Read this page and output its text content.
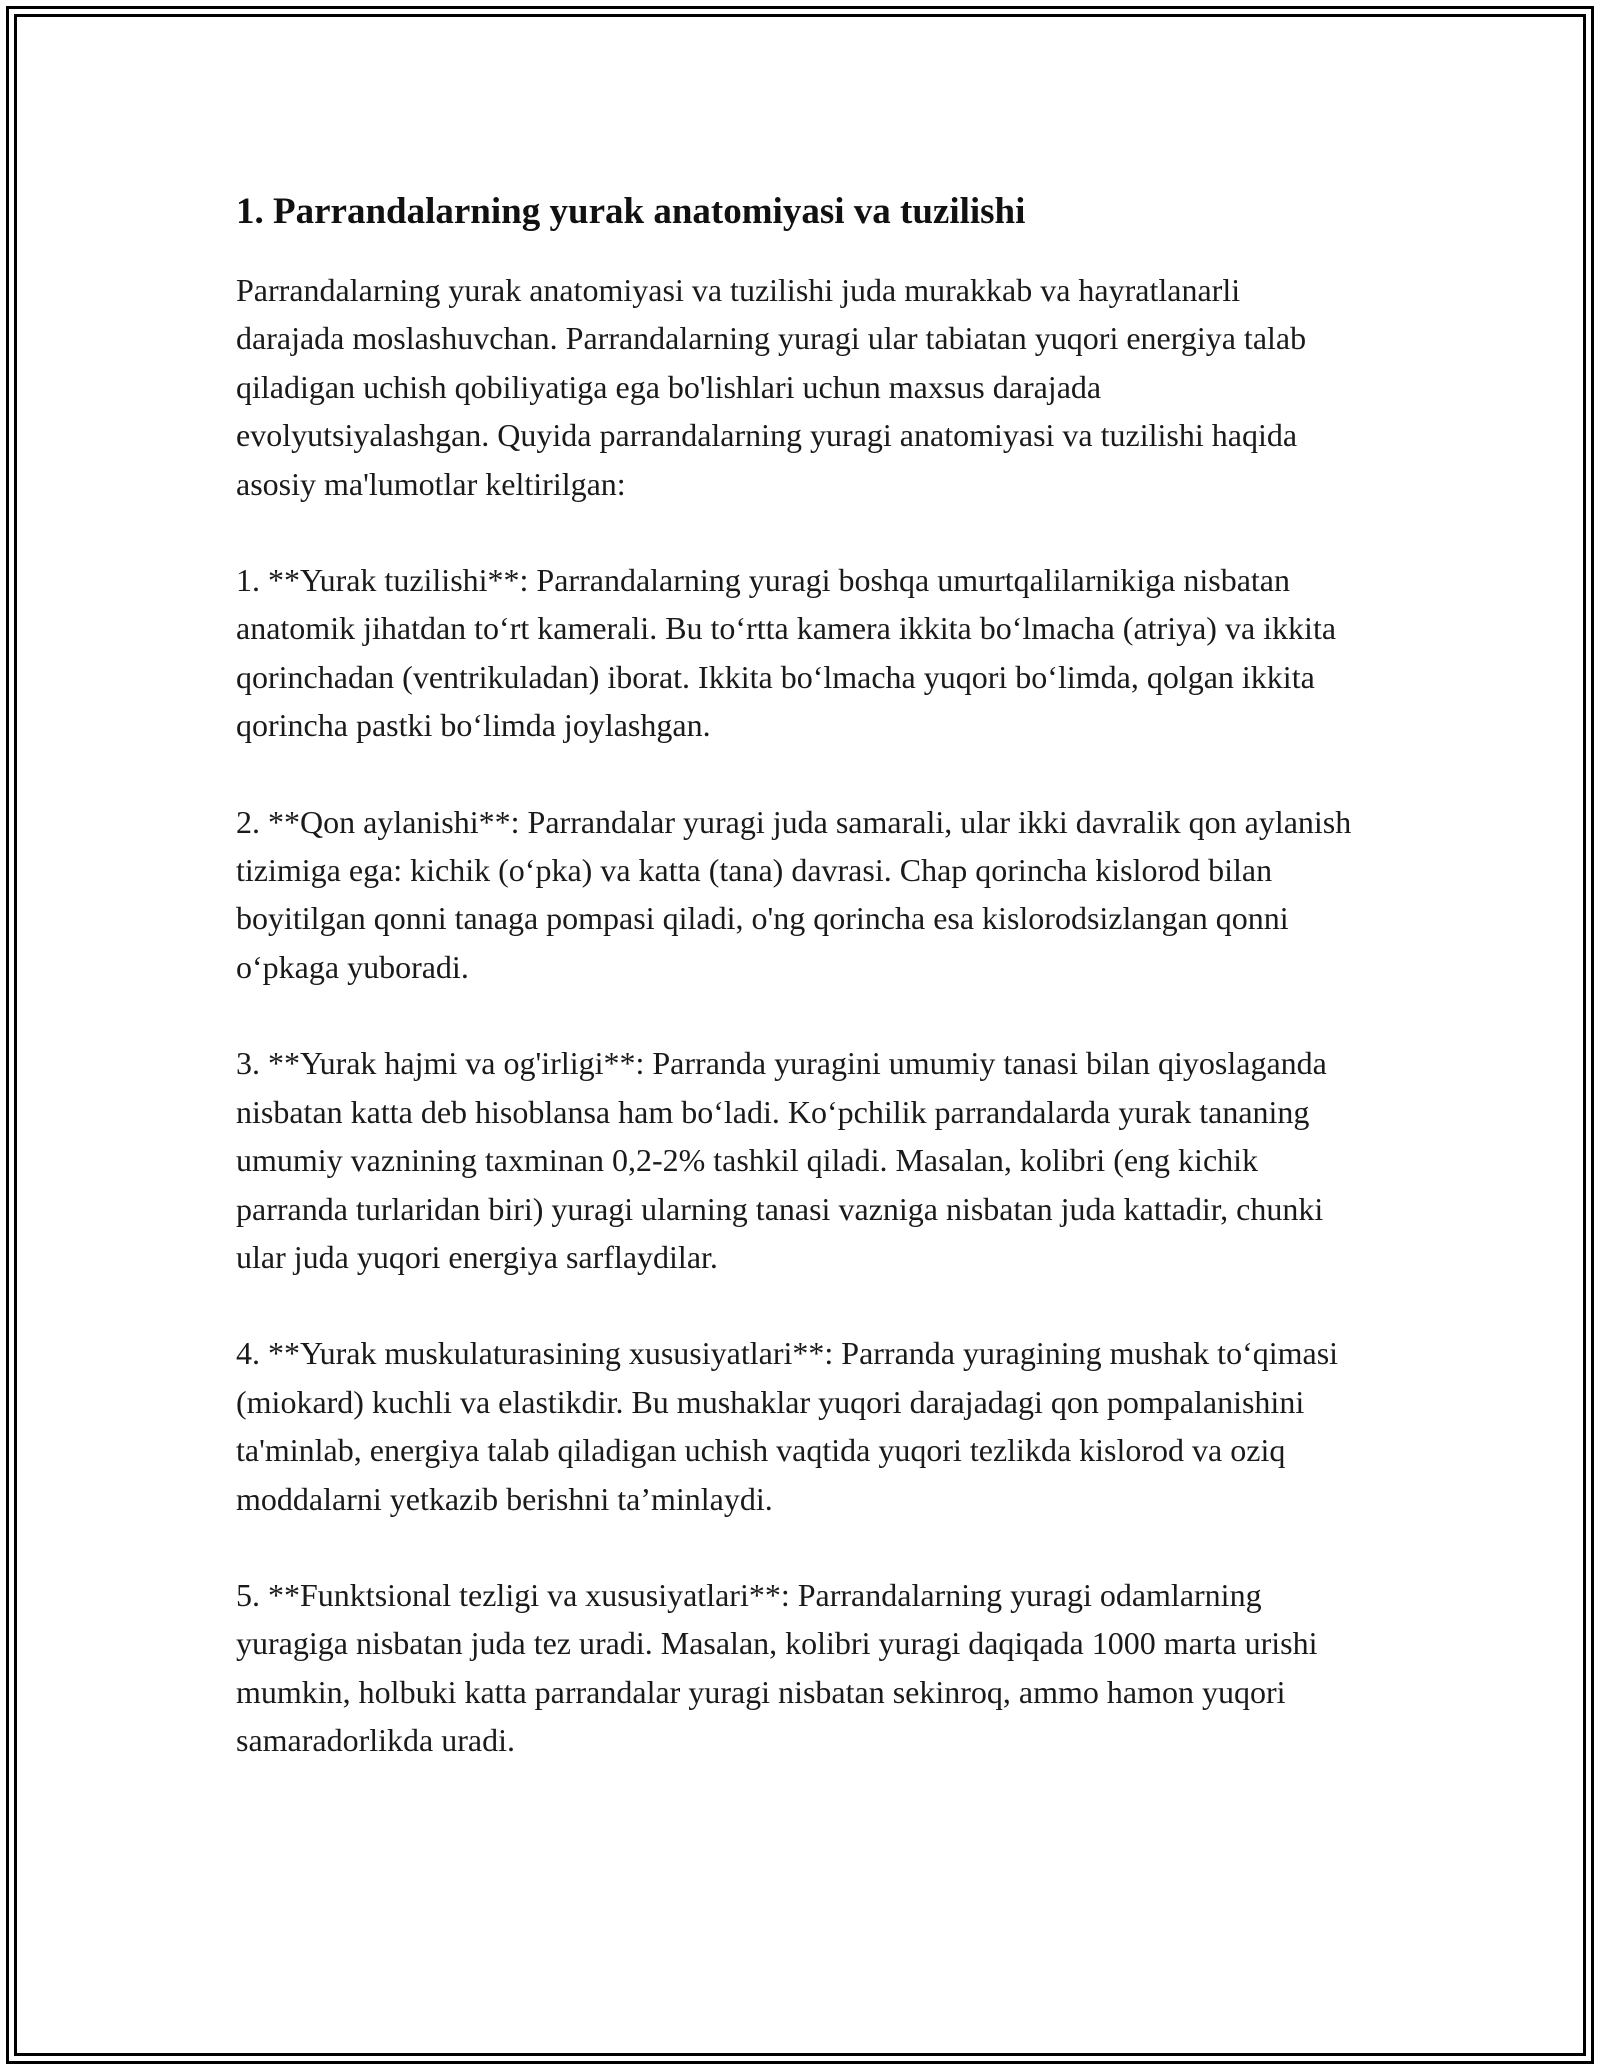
1. Parrandalarning yurak anatomiyasi va tuzilishi

Parrandalarning yurak anatomiyasi va tuzilishi juda murakkab va hayratlanarli darajada moslashuvchan. Parrandalarning yuragi ular tabiatan yuqori energiya talab qiladigan uchish qobiliyatiga ega bo'lishlari uchun maxsus darajada evolyutsiyalashgan. Quyida parrandalarning yuragi anatomiyasi va tuzilishi haqida asosiy ma'lumotlar keltirilgan:

1. **Yurak tuzilishi**: Parrandalarning yuragi boshqa umurtqalilarnikiga nisbatan anatomik jihatdan to‘rt kamerali. Bu to‘rtta kamera ikkita bo‘lmacha (atriya) va ikkita qorinchadan (ventrikuladan) iborat. Ikkita bo‘lmacha yuqori bo‘limda, qolgan ikkita qorincha pastki bo‘limda joylashgan.

2. **Qon aylanishi**: Parrandalar yuragi juda samarali, ular ikki davralik qon aylanish tizimiga ega: kichik (o‘pka) va katta (tana) davrasi. Chap qorincha kislorod bilan boyitilgan qonni tanaga pompasi qiladi, o'ng qorincha esa kislorodsizlangan qonni o‘pkaga yuboradi.

3. **Yurak hajmi va og'irligi**: Parranda yuragini umumiy tanasi bilan qiyoslaganda nisbatan katta deb hisoblansa ham bo‘ladi. Ko‘pchilik parrandalarda yurak tananing umumiy vaznining taxminan 0,2-2% tashkil qiladi. Masalan, kolibri (eng kichik parranda turlaridan biri) yuragi ularning tanasi vazniga nisbatan juda kattadir, chunki ular juda yuqori energiya sarflaydilar.

4. **Yurak muskulaturasining xususiyatlari**: Parranda yuragining mushak to‘qimasi (miokard) kuchli va elastikdir. Bu mushaklar yuqori darajadagi qon pompalanishini ta'minlab, energiya talab qiladigan uchish vaqtida yuqori tezlikda kislorod va oziq moddalarni yetkazib berishni ta’minlaydi.

5. **Funktsional tezligi va xususiyatlari**: Parrandalarning yuragi odamlarning yuragiga nisbatan juda tez uradi. Masalan, kolibri yuragi daqiqada 1000 marta urishi mumkin, holbuki katta parrandalar yuragi nisbatan sekinroq, ammo hamon yuqori samaradorlikda uradi.
